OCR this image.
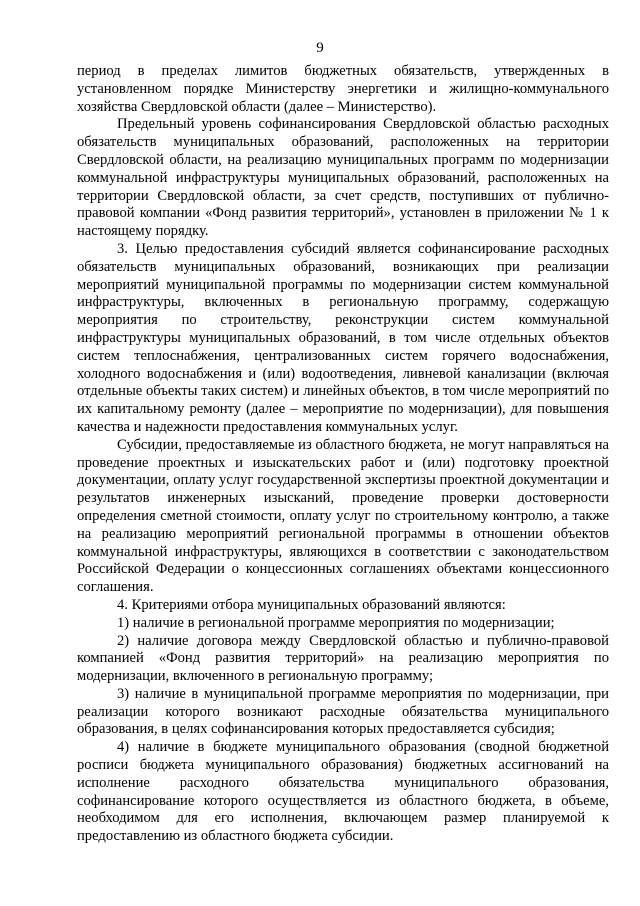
9

период в пределах лимитов бюджетных обязательств, утвержденных в установленном порядке Министерству энергетики и жилищно-коммунального хозяйства Свердловской области (далее – Министерство).

Предельный уровень софинансирования Свердловской областью расходных обязательств муниципальных образований, расположенных на территории Свердловской области, на реализацию муниципальных программ по модернизации коммунальной инфраструктуры муниципальных образований, расположенных на территории Свердловской области, за счет средств, поступивших от публично-правовой компании «Фонд развития территорий», установлен в приложении № 1 к настоящему порядку.

3. Целью предоставления субсидий является софинансирование расходных обязательств муниципальных образований, возникающих при реализации мероприятий муниципальной программы по модернизации систем коммунальной инфраструктуры, включенных в региональную программу, содержащую мероприятия по строительству, реконструкции систем коммунальной инфраструктуры муниципальных образований, в том числе отдельных объектов систем теплоснабжения, централизованных систем горячего водоснабжения, холодного водоснабжения и (или) водоотведения, ливневой канализации (включая отдельные объекты таких систем) и линейных объектов, в том числе мероприятий по их капитальному ремонту (далее – мероприятие по модернизации), для повышения качества и надежности предоставления коммунальных услуг.

Субсидии, предоставляемые из областного бюджета, не могут направляться на проведение проектных и изыскательских работ и (или) подготовку проектной документации, оплату услуг государственной экспертизы проектной документации и результатов инженерных изысканий, проведение проверки достоверности определения сметной стоимости, оплату услуг по строительному контролю, а также на реализацию мероприятий региональной программы в отношении объектов коммунальной инфраструктуры, являющихся в соответствии с законодательством Российской Федерации о концессионных соглашениях объектами концессионного соглашения.

4. Критериями отбора муниципальных образований являются:

1) наличие в региональной программе мероприятия по модернизации;

2) наличие договора между Свердловской областью и публично-правовой компанией «Фонд развития территорий» на реализацию мероприятия по модернизации, включенного в региональную программу;

3) наличие в муниципальной программе мероприятия по модернизации, при реализации которого возникают расходные обязательства муниципального образования, в целях софинансирования которых предоставляется субсидия;

4) наличие в бюджете муниципального образования (сводной бюджетной росписи бюджета муниципального образования) бюджетных ассигнований на исполнение расходного обязательства муниципального образования, софинансирование которого осуществляется из областного бюджета, в объеме, необходимом для его исполнения, включающем размер планируемой к предоставлению из областного бюджета субсидии.
